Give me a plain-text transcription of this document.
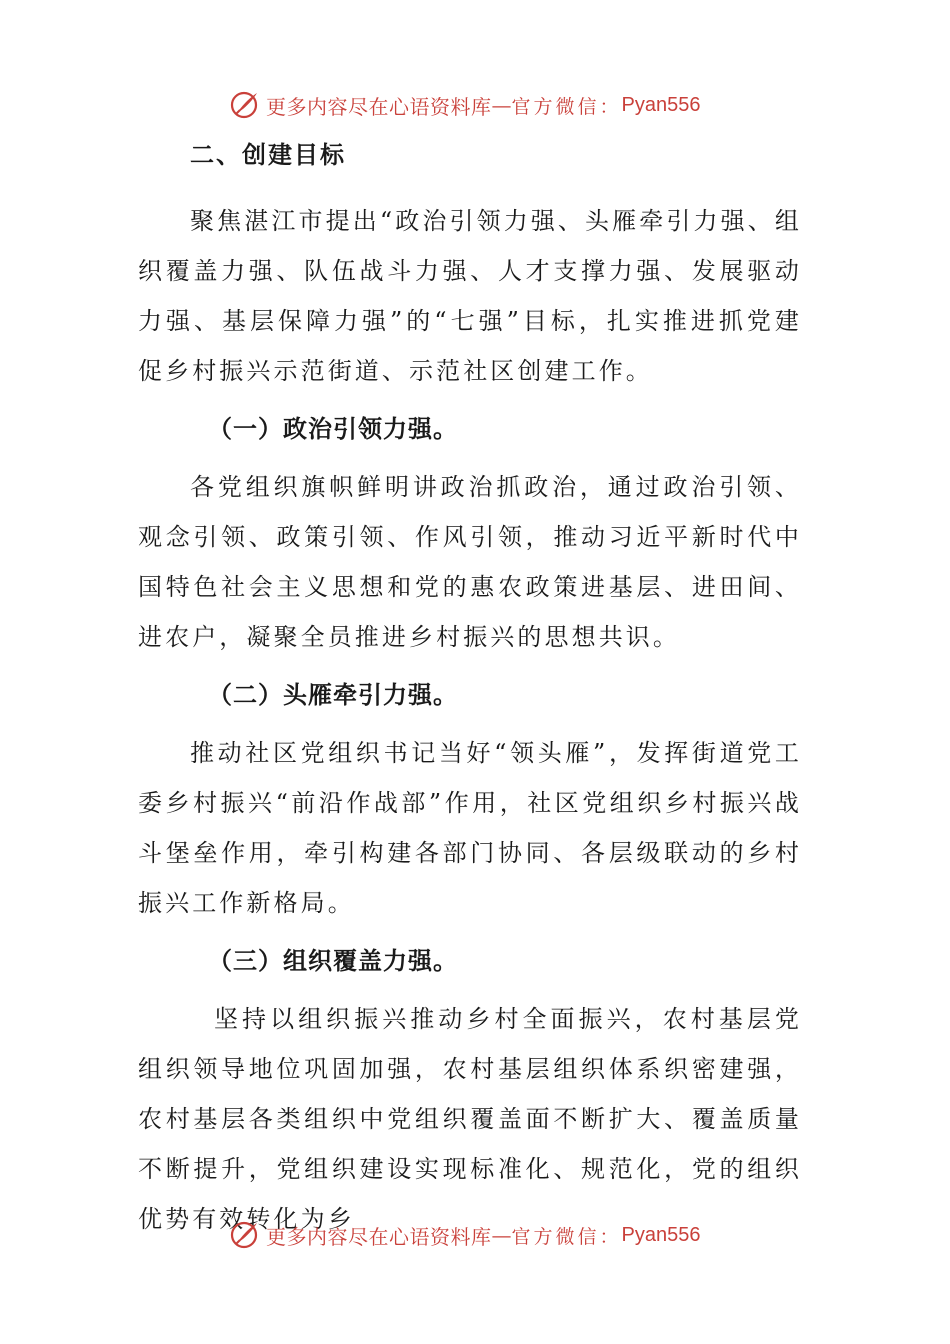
更多内容尽在心语资料库 — 官方微信： Pyan556
二、创建目标

聚焦湛江市提出“政治引领力强、头雁牵引力强、组织覆盖力强、队伍战斗力强、人才支撑力强、发展驱动力强、基层保障力强”的“七强”目标，扎实推进抓党建促乡村振兴示范街道、示范社区创建工作。

（一）政治引领力强。

各党组织旗帜鲜明讲政治抓政治，通过政治引领、观念引领、政策引领、作风引领，推动习近平新时代中国特色社会主义思想和党的惠农政策进基层、进田间、进农户，凝聚全员推进乡村振兴的思想共识。

（二）头雁牵引力强。

推动社区党组织书记当好“领头雁”，发挥街道党工委乡村振兴“前沿作战部”作用，社区党组织乡村振兴战斗堡垒作用，牵引构建各部门协同、各层级联动的乡村振兴工作新格局。

（三）组织覆盖力强。

坚持以组织振兴推动乡村全面振兴，农村基层党组织领导地位巩固加强，农村基层组织体系织密建强，农村基层各类组织中党组织覆盖面不断扩大、覆盖质量不断提升，党组织建设实现标准化、规范化，党的组织优势有效转化为乡

更多内容尽在心语资料库 — 官方微信： Pyan556
